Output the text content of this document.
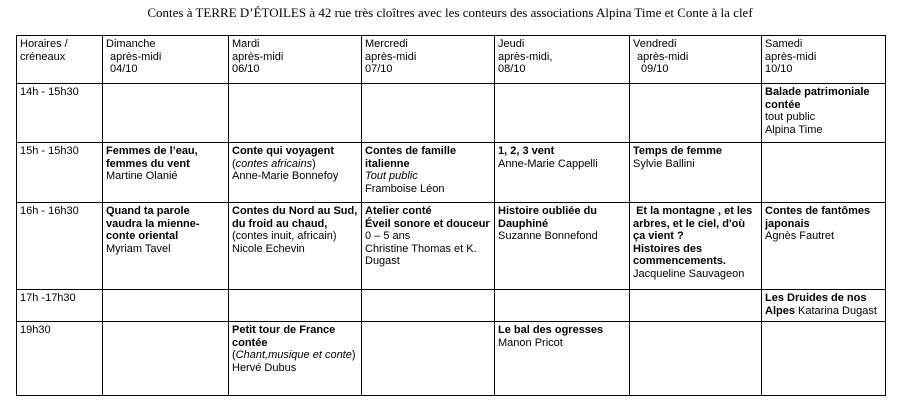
Contes à TERRE D’ÉTOILES à 42 rue très cloîtres avec les conteurs des associations Alpina Time et Conte à la clef
Horaires /
créneaux	Dimanche
après-midi
04/10	Mardi
après-midi
06/10	Mercredi
après-midi
07/10	Jeudi
après-midi,
08/10	Vendredi
après-midi
09/10	Samedi
après-midi
10/10

14h - 15h30						Balade patrimoniale contée
tout public
Alpina Time

15h - 15h30	Femmes de l’eau, femmes du vent
Martine Olanié	Conte qui voyagent
(contes africains)
Anne-Marie Bonnefoy	Contes de famille italienne
Tout public
Framboise Léon	1, 2, 3 vent
Anne-Marie Cappelli	Temps de femme
Sylvie Ballini	

16h - 16h30	Quand ta parole vaudra la mienne-conte oriental
Myriam Tavel	Contes du Nord au Sud, du froid au chaud,
(contes inuit, africain)
Nicole Echevin	Atelier conté
Éveil sonore et douceur
0 – 5 ans
Christine Thomas et K. Dugast	Histoire oubliée du Dauphiné
Suzanne Bonnefond	Et la montagne , et les arbres, et le ciel, d'où ça vient ?
Histoires des commencements.
Jacqueline Sauvageon	Contes de fantômes japonais
Agnès Fautret

17h -17h30						Les Druides de nos Alpes Katarina Dugast
19h30		Petit tour de France contée
(Chant,musique et conte)
Hervé Dubus		Le bal des ogresses
Manon Pricot		
